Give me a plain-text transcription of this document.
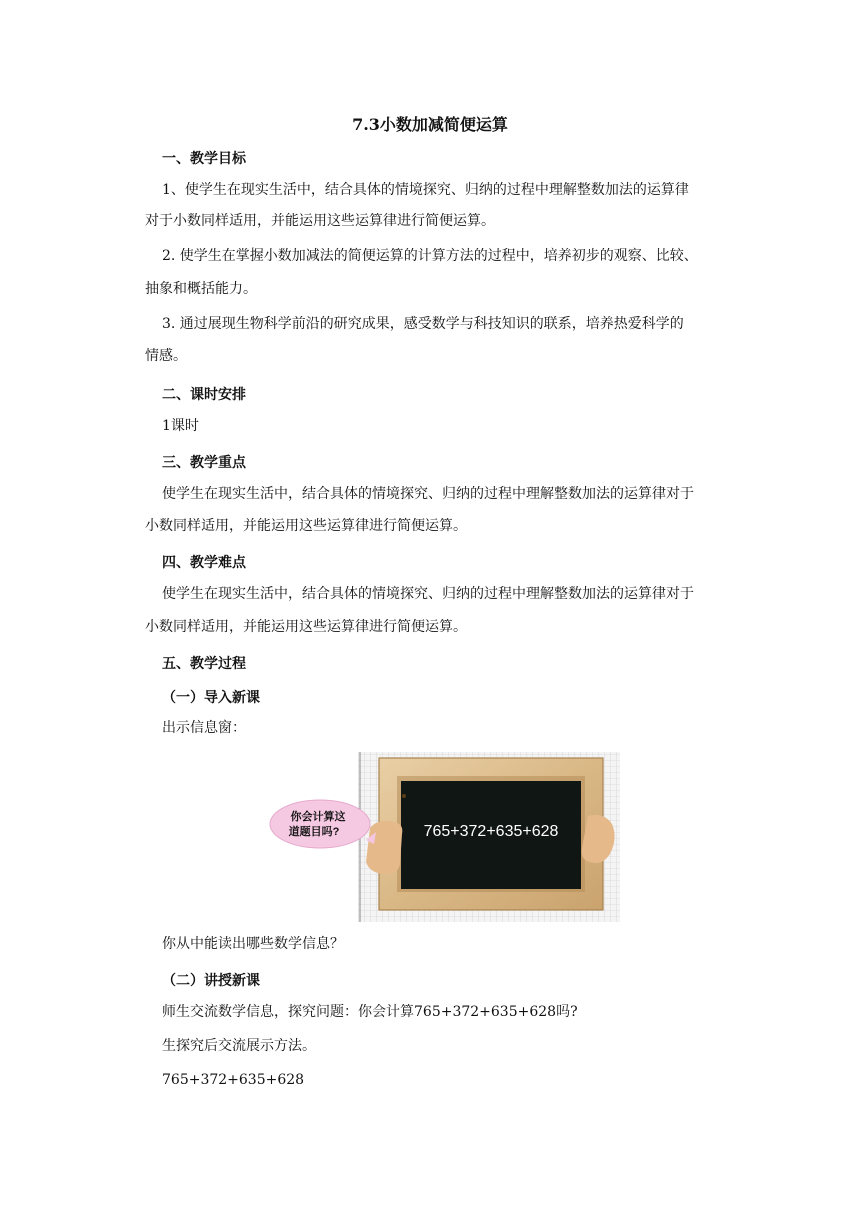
7.3小数加减简便运算
一、教学目标
1、使学生在现实生活中，结合具体的情境探究、归纳的过程中理解整数加法的运算律
对于小数同样适用，并能运用这些运算律进行简便运算。
2. 使学生在掌握小数加减法的简便运算的计算方法的过程中，培养初步的观察、比较、
抽象和概括能力。
3. 通过展现生物科学前沿的研究成果，感受数学与科技知识的联系，培养热爱科学的
情感。
二、课时安排
1课时
三、教学重点
使学生在现实生活中，结合具体的情境探究、归纳的过程中理解整数加法的运算律对于
小数同样适用，并能运用这些运算律进行简便运算。
四、教学难点
使学生在现实生活中，结合具体的情境探究、归纳的过程中理解整数加法的运算律对于
小数同样适用，并能运用这些运算律进行简便运算。
五、教学过程
（一）导入新课
出示信息窗：
765+372+635+628
你会计算这
道题目吗?
你从中能读出哪些数学信息？
（二）讲授新课
师生交流数学信息，探究问题：你会计算765+372+635+628吗?
生探究后交流展示方法。
765+372+635+628
